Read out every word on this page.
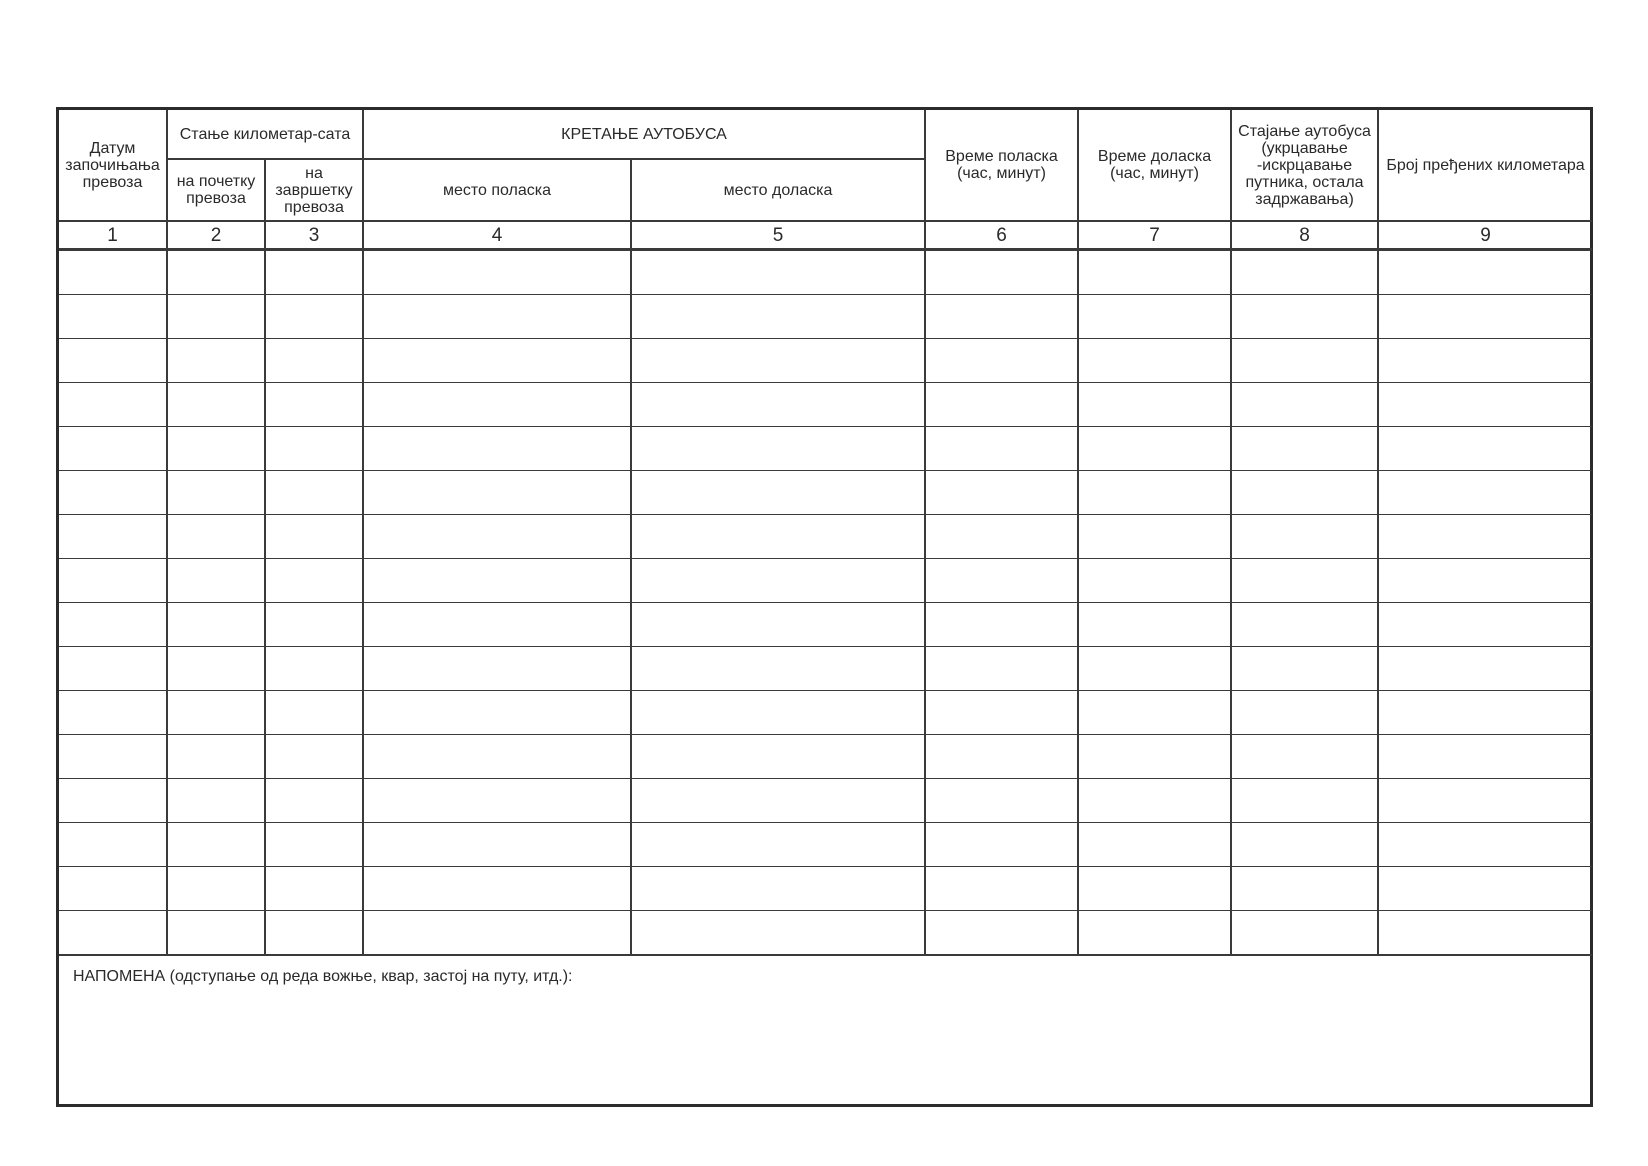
Датум започињања превоза	Стање километар-сата		КРЕТАЊЕ АУТОБУСА		Време поласка (час, минут)	Време доласка (час, минут)	Стајање аутобуса (укрцавање -искрцавање путника, остала задржавања)	Број пређених километара
	на почетку превоза	на завршетку превоза	место поласка	место доласка				
1	2	3	4	5	6	7	8	9

НАПОМЕНА (одступање од реда вожње, квар, застој на путу, итд.):								
